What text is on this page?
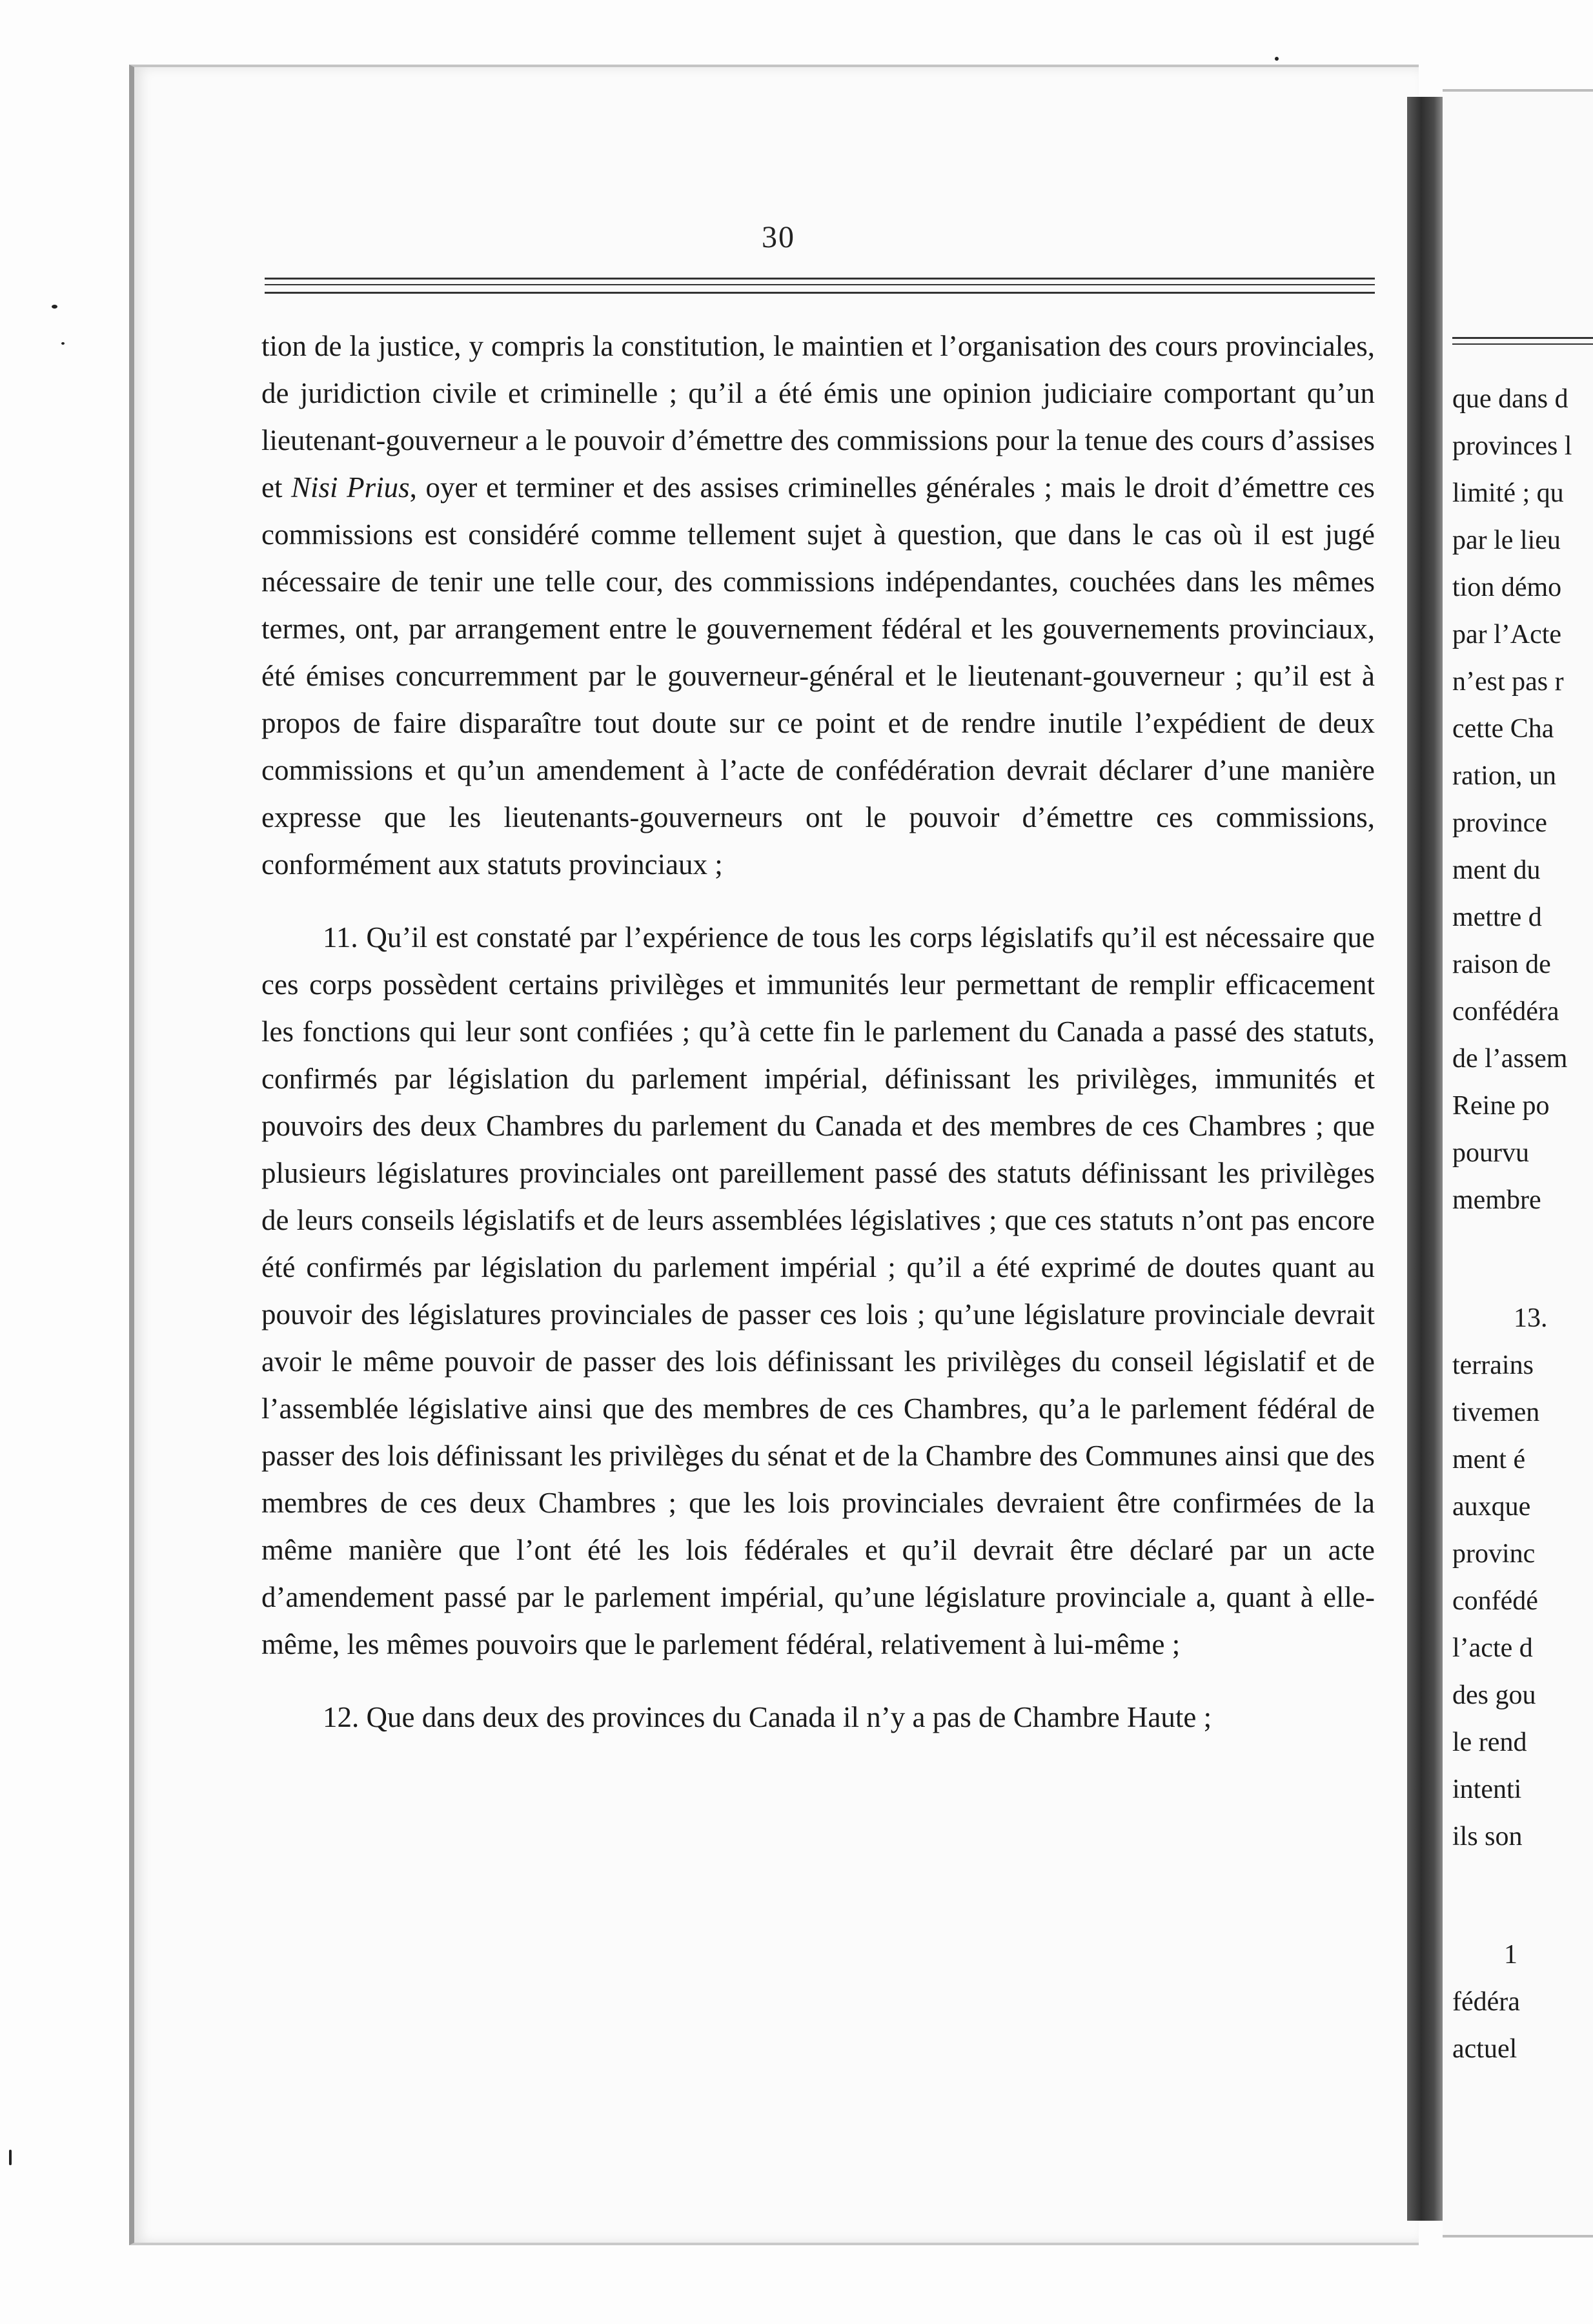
que dans d
provinces l
limité ; qu
par le lieu
tion démo
par l’Acte
n’est pas r
cette Cha
ration, un
province
ment du
mettre d
raison de
confédéra
de l’assem
Reine po
pourvu
membre
13.
terrains
tivemen
ment é
auxque
provinc
confédé
l’acte d
des gou
le rend
intenti
ils son
1
fédéra
actuel
30

tion de la justice, y compris la constitution, le maintien et l’organisation des cours provinciales, de juridiction civile et criminelle ; qu’il a été émis une opinion judiciaire comportant qu’un lieutenant-gouverneur a le pouvoir d’émettre des commissions pour la tenue des cours d’assises et Nisi Prius, oyer et terminer et des assises criminelles générales ; mais le droit d’émettre ces commissions est considéré comme tellement sujet à question, que dans le cas où il est jugé nécessaire de tenir une telle cour, des commissions indépendantes, couchées dans les mêmes termes, ont, par arrangement entre le gouvernement fédéral et les gouvernements provinciaux, été émises concurremment par le gouverneur-général et le lieutenant-gouverneur ; qu’il est à propos de faire disparaître tout doute sur ce point et de rendre inutile l’expédient de deux commissions et qu’un amendement à l’acte de confédération devrait déclarer d’une manière expresse que les lieutenants-gouverneurs ont le pouvoir d’émettre ces commissions, conformément aux statuts provinciaux ;

11. Qu’il est constaté par l’expérience de tous les corps législatifs qu’il est nécessaire que ces corps possèdent certains privilèges et immunités leur permettant de remplir efficacement les fonctions qui leur sont confiées ; qu’à cette fin le parlement du Canada a passé des statuts, confirmés par législation du parlement impérial, définissant les privilèges, immunités et pouvoirs des deux Chambres du parlement du Canada et des membres de ces Chambres ; que plusieurs législatures provinciales ont pareillement passé des statuts définissant les privilèges de leurs conseils législatifs et de leurs assemblées législatives ; que ces statuts n’ont pas encore été confirmés par législation du parlement impérial ; qu’il a été exprimé de doutes quant au pouvoir des législatures provinciales de passer ces lois ; qu’une législature provinciale devrait avoir le même pouvoir de passer des lois définissant les privilèges du conseil législatif et de l’assemblée législative ainsi que des membres de ces Chambres, qu’a le parlement fédéral de passer des lois définissant les privilèges du sénat et de la Chambre des Communes ainsi que des membres de ces deux Chambres ; que les lois provinciales devraient être confirmées de la même manière que l’ont été les lois fédérales et qu’il devrait être déclaré par un acte d’amendement passé par le parlement impérial, qu’une législature provinciale a, quant à elle-même, les mêmes pouvoirs que le parlement fédéral, relativement à lui-même ;

12. Que dans deux des provinces du Canada il n’y a pas de Chambre Haute ;
